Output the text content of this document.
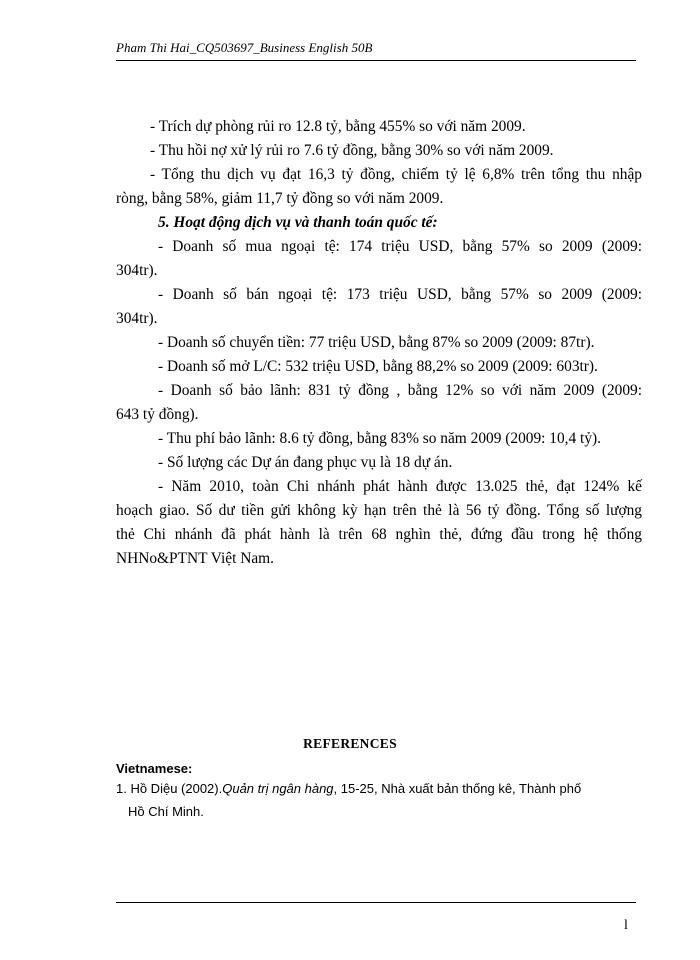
Pham Thi Hai_CQ503697_Business English 50B
- Trích dự phòng rủi ro 12.8 tỷ, bằng 455% so với năm 2009.
- Thu hồi nợ xử lý rủi ro 7.6 tỷ đồng, bằng 30% so với năm 2009.
- Tổng thu dịch vụ đạt 16,3 tỷ đồng, chiếm tỷ lệ 6,8% trên tổng thu nhập
ròng, bằng 58%, giảm 11,7 tỷ đồng so với năm 2009.
5. Hoạt động dịch vụ và thanh toán quốc tế:
- Doanh số mua ngoại tệ: 174 triệu USD, bằng 57% so 2009 (2009:
304tr).
- Doanh số bán ngoại tệ: 173 triệu USD, bằng 57% so 2009 (2009:
304tr).
- Doanh số chuyển tiền: 77 triệu USD, bằng 87% so 2009 (2009: 87tr).
- Doanh số mở L/C: 532 triệu USD, bằng 88,2% so 2009 (2009: 603tr).
- Doanh số bảo lãnh: 831 tỷ đồng , bằng 12% so với năm 2009 (2009:
643 tỷ đồng).
- Thu phí bảo lãnh: 8.6 tỷ đồng, bằng 83% so năm 2009 (2009: 10,4 tỷ).
- Số lượng các Dự án đang phục vụ là 18 dự án.
- Năm 2010, toàn Chi nhánh phát hành được 13.025 thẻ, đạt 124% kế
hoạch giao. Số dư tiền gửi không kỳ hạn trên thẻ là 56 tỷ đồng. Tổng số lượng
thẻ Chi nhánh đã phát hành là trên 68 nghìn thẻ, đứng đầu trong hệ thống
NHNo&PTNT Việt Nam.
REFERENCES
Vietnamese:
1. Hồ Diệu (2002).Quản trị ngân hàng, 15-25, Nhà xuất bản thống kê, Thành phố
Hồ Chí Minh.
l
